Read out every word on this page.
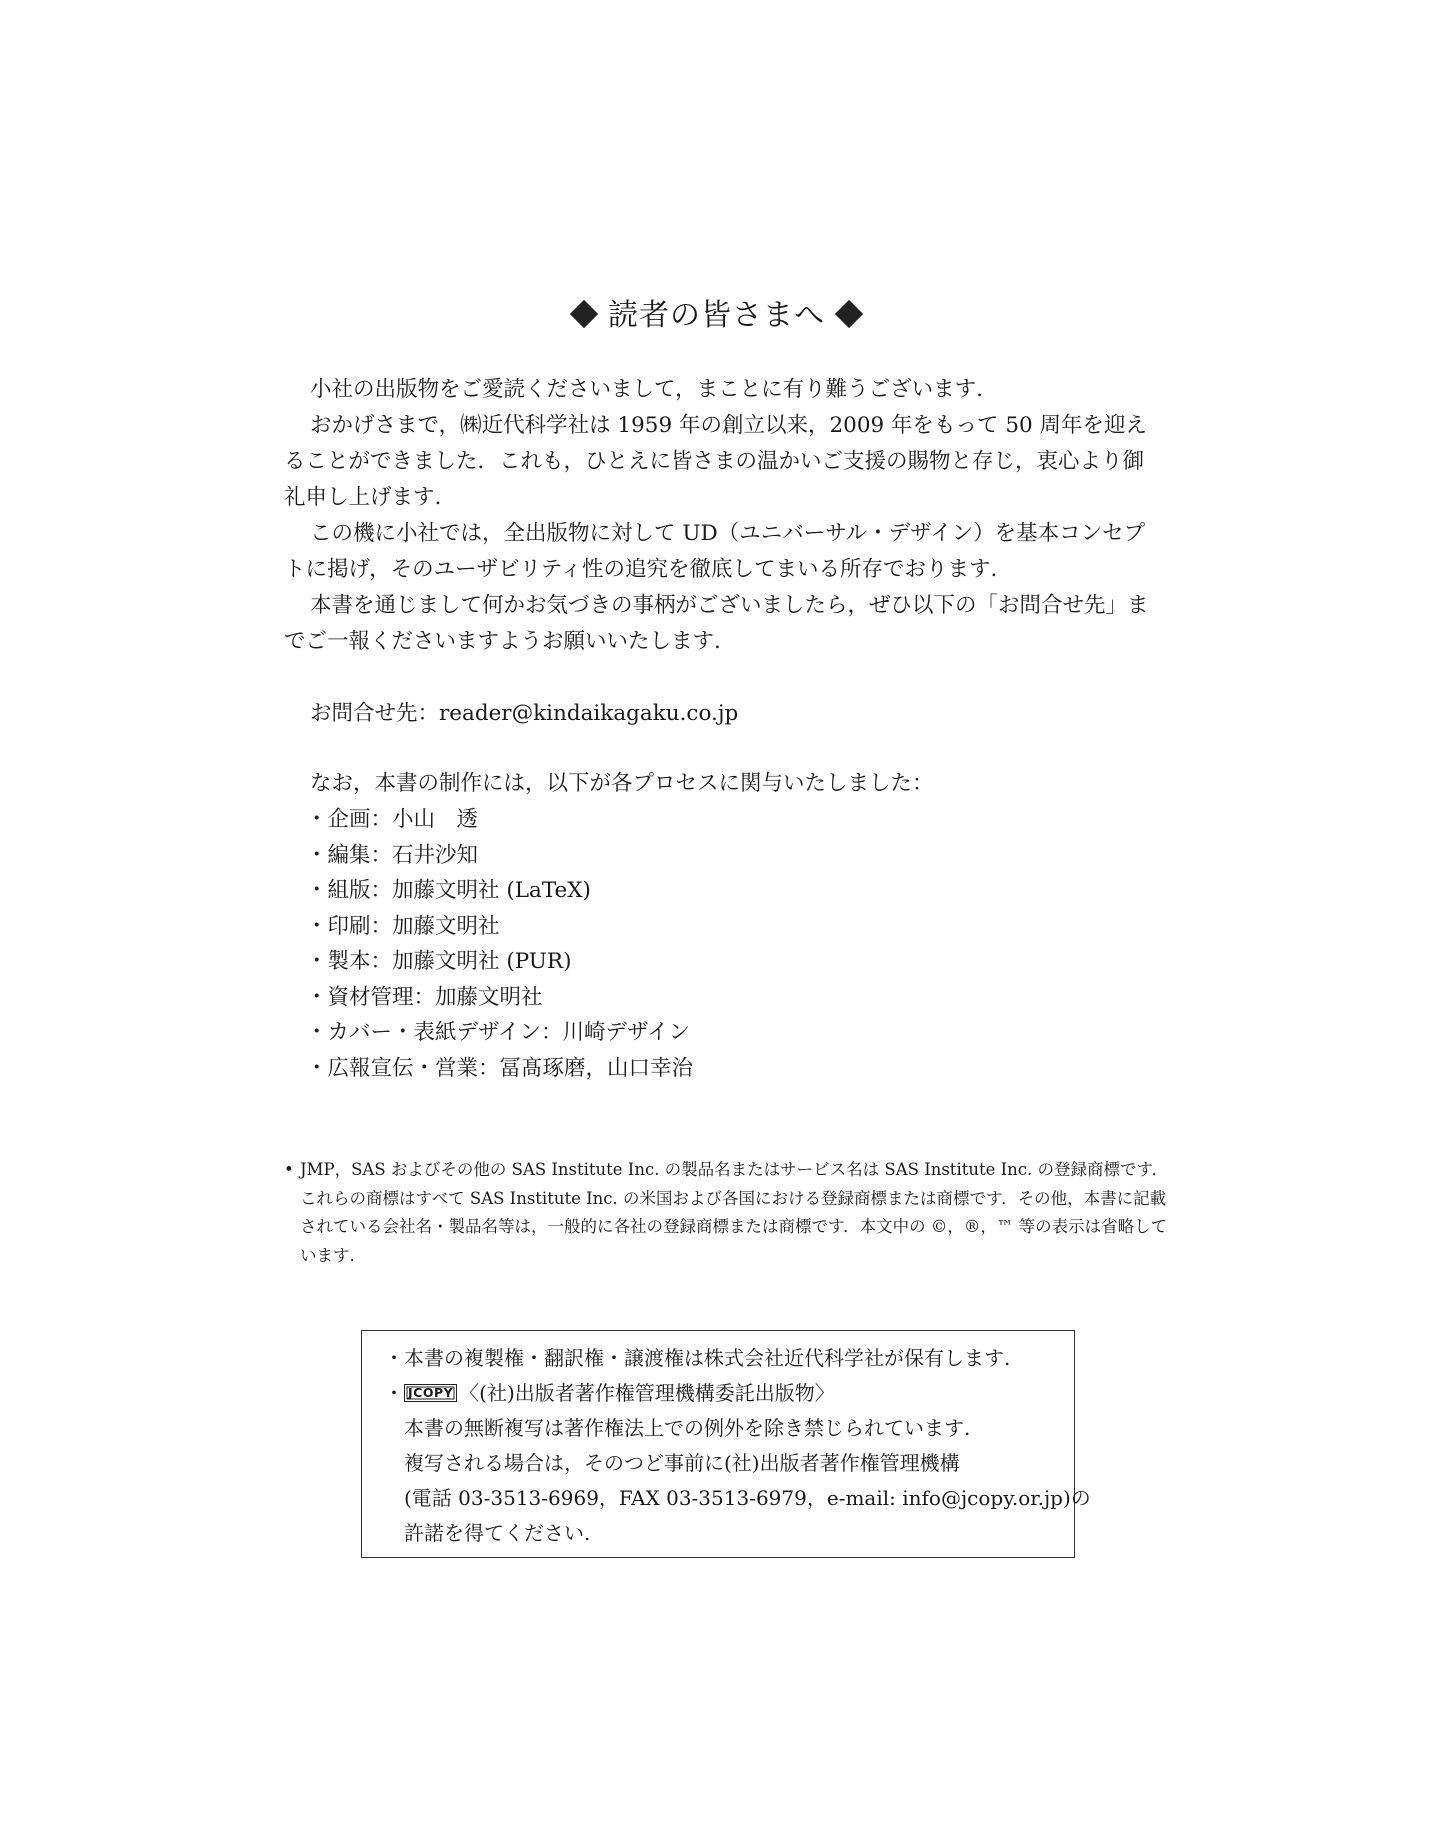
読者の皆さまへ

小社の出版物をご愛読くださいまして，まことに有り難うございます.

おかげさまで，㈱近代科学社は 1959 年の創立以来，2009 年をもって 50 周年を迎えることができました．これも，ひとえに皆さまの温かいご支援の賜物と存じ，衷心より御礼申し上げます.

この機に小社では，全出版物に対して UD（ユニバーサル・デザイン）を基本コンセプトに掲げ，そのユーザビリティ性の追究を徹底してまいる所存でおります.

本書を通じまして何かお気づきの事柄がございましたら，ぜひ以下の「お問合せ先」までご一報くださいますようお願いいたします.

お問合せ先：reader@kindaikagaku.co.jp
なお，本書の制作には，以下が各プロセスに関与いたしました：
・企画：小山　透
・編集：石井沙知
・組版：加藤文明社 (LaTeX)
・印刷：加藤文明社
・製本：加藤文明社 (PUR)
・資材管理：加藤文明社
・カバー・表紙デザイン：川崎デザイン
・広報宣伝・営業：冨髙琢磨，山口幸治
• JMP，SAS およびその他の SAS Institute Inc. の製品名またはサービス名は SAS Institute Inc. の登録商標です．これらの商標はすべて SAS Institute Inc. の米国および各国における登録商標または商標です．その他，本書に記載されている会社名・製品名等は，一般的に各社の登録商標または商標です．本文中の ©，®，™ 等の表示は省略しています.
・本書の複製権・翻訳権・譲渡権は株式会社近代科学社が保有します.
・ JCOPY 〈(社)出版者著作権管理機構委託出版物〉
本書の無断複写は著作権法上での例外を除き禁じられています.
複写される場合は，そのつど事前に(社)出版者著作権管理機構
(電話 03-3513-6969，FAX 03-3513-6979，e-mail: info@jcopy.or.jp)の
許諾を得てください.
